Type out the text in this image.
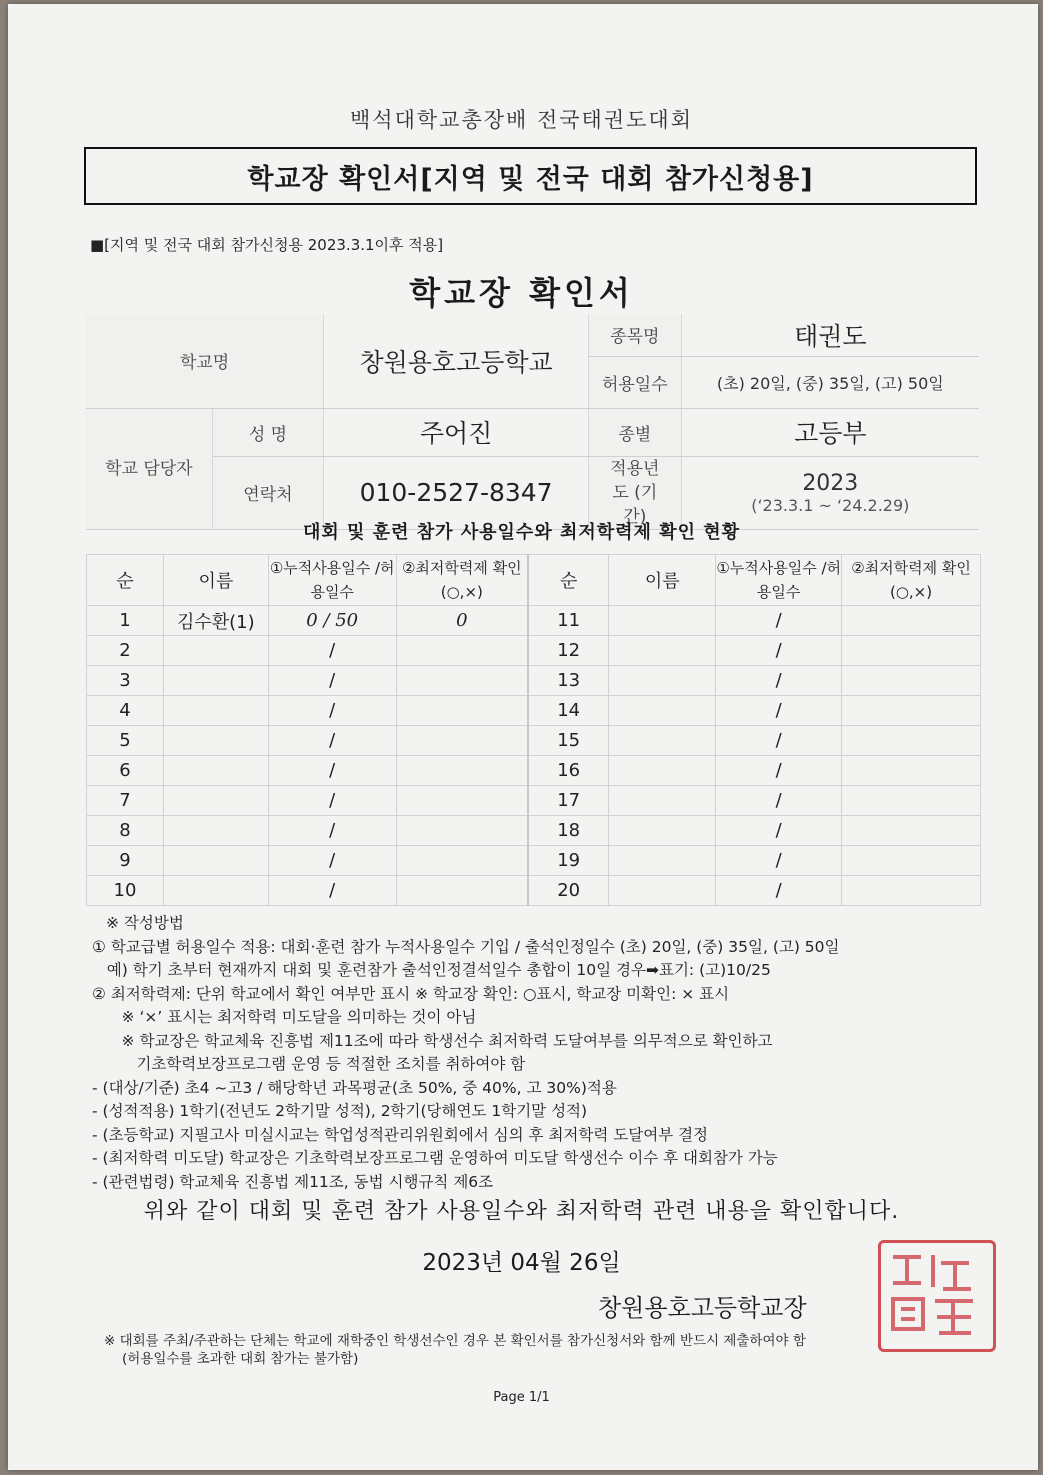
백석대학교총장배 전국태권도대회
학교장 확인서[지역 및 전국 대회 참가신청용]
■[지역 및 전국 대회 참가신청용 2023.3.1이후 적용]
학교장 확인서
학교명		창원용호고등학교	종목명	태권도
			허용일수	(초) 20일, (중) 35일, (고) 50일
학교 담당자	성 명	주어진	종별	고등부
	연락처	010-2527-8347	적용년도 (기간)	2023
(‘23.3.1 ~ ‘24.2.29)
대회 및 훈련 참가 사용일수와 최저학력제 확인 현황
순	이름	①누적사용일수 /허용일수	②최저학력제 확인(○,×)	순	이름	①누적사용일수 /허용일수	②최저학력제 확인(○,×)
1	김수환(1)	0 / 50	0	11		/	
2		/		12		/	
3		/		13		/	
4		/		14		/	
5		/		15		/	
6		/		16		/	
7		/		17		/	
8		/		18		/	
9		/		19		/	
10		/		20		/	
※ 작성방법
① 학교급별 허용일수 적용: 대회·훈련 참가 누적사용일수 기입 / 출석인정일수 (초) 20일, (중) 35일, (고) 50일
예) 학기 초부터 현재까지 대회 및 훈련참가 출석인정결석일수 총합이 10일 경우➡표기: (고)10/25
② 최저학력제: 단위 학교에서 확인 여부만 표시 ※ 학교장 확인: ○표시, 학교장 미확인: × 표시
※ ‘×’ 표시는 최저학력 미도달을 의미하는 것이 아님
※ 학교장은 학교체육 진흥법 제11조에 따라 학생선수 최저학력 도달여부를 의무적으로 확인하고
기초학력보장프로그램 운영 등 적절한 조치를 취하여야 함
- (대상/기준) 초4 ~고3 / 해당학년 과목평균(초 50%, 중 40%, 고 30%)적용
- (성적적용) 1학기(전년도 2학기말 성적), 2학기(당해연도 1학기말 성적)
- (초등학교) 지필고사 미실시교는 학업성적관리위원회에서 심의 후 최저학력 도달여부 결정
- (최저학력 미도달) 학교장은 기초학력보장프로그램 운영하여 미도달 학생선수 이수 후 대회참가 가능
- (관련법령) 학교체육 진흥법 제11조, 동법 시행규칙 제6조
위와 같이 대회 및 훈련 참가 사용일수와 최저학력 관련 내용을 확인합니다.
2023년 04월 26일
창원용호고등학교장
※ 대회를 주최/주관하는 단체는 학교에 재학중인 학생선수인 경우 본 확인서를 참가신청서와 함께 반드시 제출하여야 함
(허용일수를 초과한 대회 참가는 불가함)
Page 1/1
